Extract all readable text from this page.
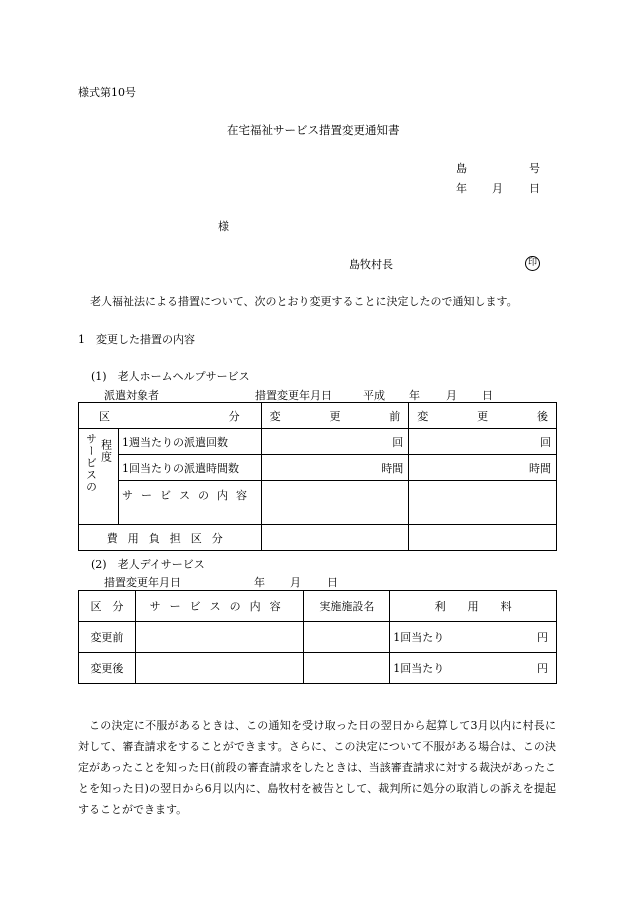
様式第10号
在宅福祉サービス措置変更通知書
島	号
年 月 日
様
島牧村長	印
老人福祉法による措置について、次のとおり変更することに決定したので通知します。
1　変更した措置の内容
(1)　老人ホームヘルプサービス
派遣対象者	措置変更年月日	平成 年 月 日
区 分		変 更 前	変 更 後

サービスの 程度	1週当たりの派遣回数	回	回
	1回当たりの派遣時間数	時間	時間
	サービスの内容		
費用負担区分			
(2)　老人デイサービス
措置変更年月日	年 月 日
区　分	サービスの内容	実施施設名	利　　用　　料
変更前			1回当たり 円

変更後			1回当たり 円
この決定に不服があるときは、この通知を受け取った日の翌日から起算して3月以内に村長に対して、審査請求をすることができます。さらに、この決定について不服がある場合は、この決定があったことを知った日(前段の審査請求をしたときは、当該審査請求に対する裁決があったことを知った日)の翌日から6月以内に、島牧村を被告として、裁判所に処分の取消しの訴えを提起することができます。
